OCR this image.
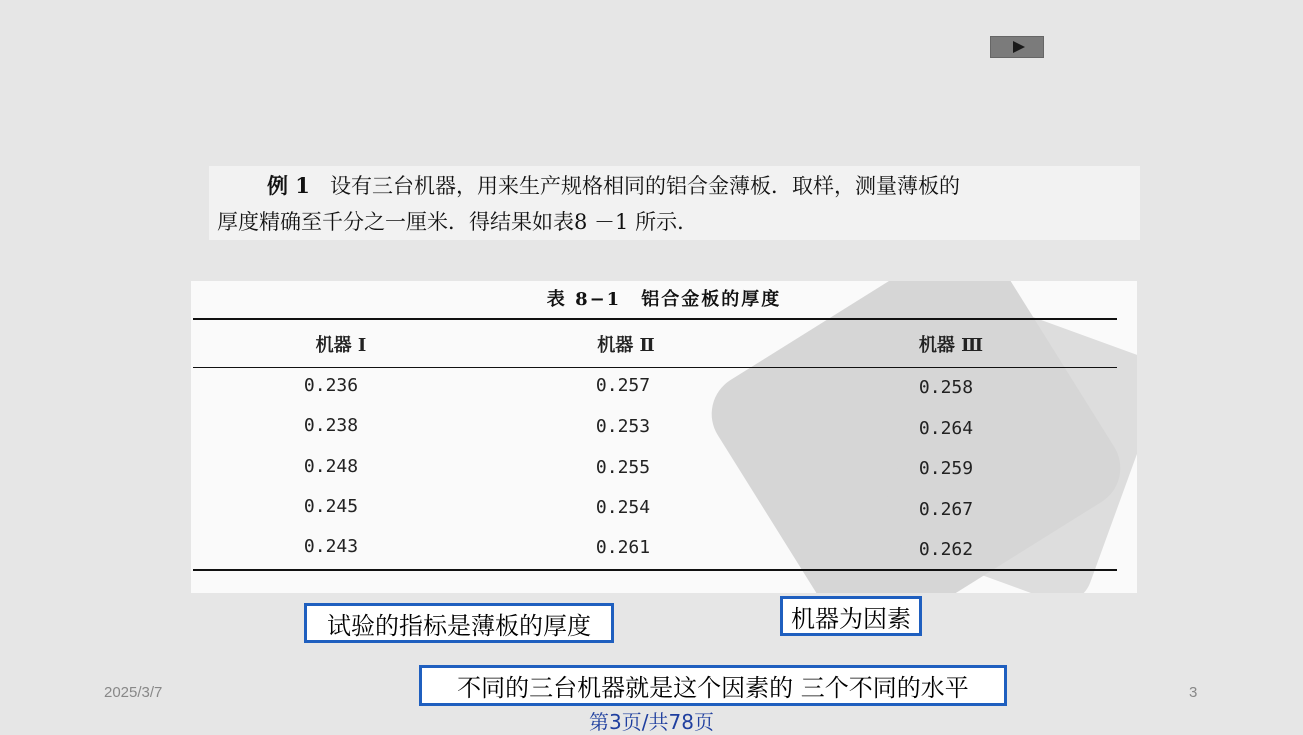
例 1 设有三台机器，用来生产规格相同的铝合金薄板．取样，测量薄板的
厚度精确至千分之一厘米．得结果如表8 －1 所示．
表 8−1　铝合金板的厚度
机器 Ⅰ	机器 Ⅱ	机器 Ⅲ
0.236	0.257	0.258
0.238	0.253	0.264
0.248	0.255	0.259
0.245	0.254	0.267
0.243	0.261	0.262
试验的指标是薄板的厚度	机器为因素
不同的三台机器就是这个因素的 三个不同的水平
2025/3/7	3
第3页/共78页
